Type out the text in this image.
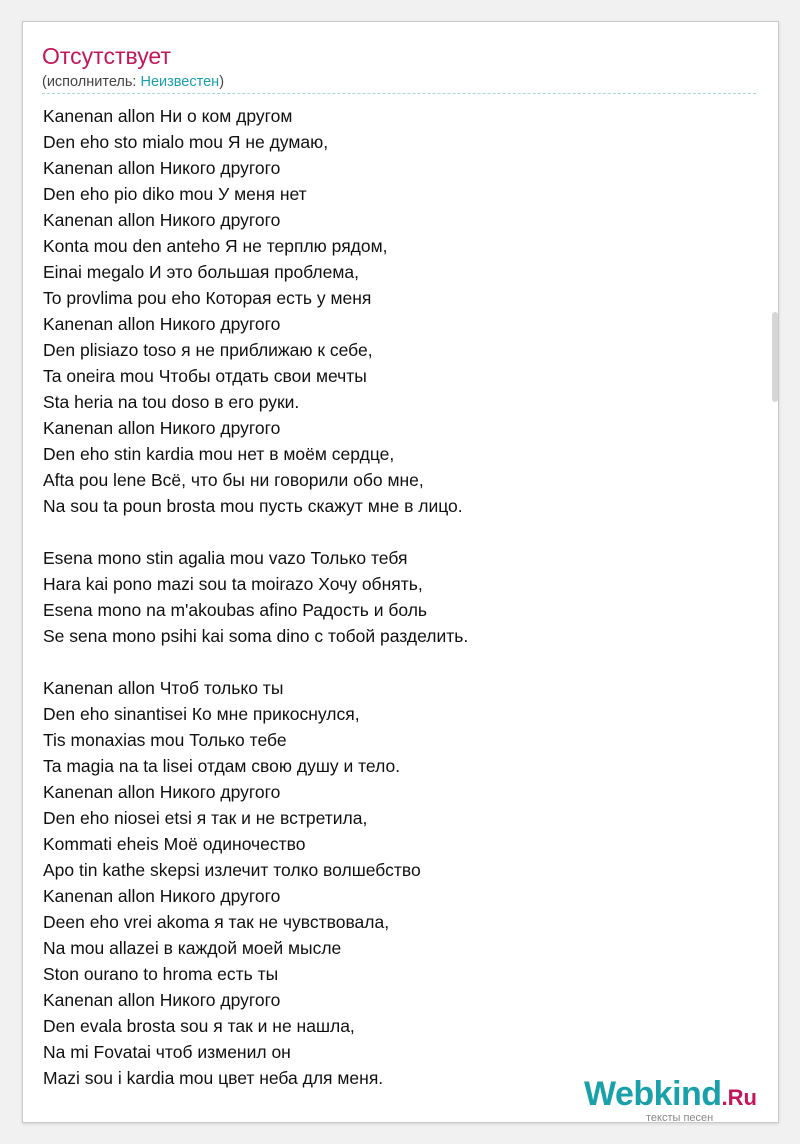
Отсутствует
(исполнитель: Неизвестен)
Kanenan allon Ни о ком другом
Den eho sto mialo mou Я не думаю,
Kanenan allon Никого другого
Den eho pio diko mou У меня нет
Kanenan allon Никого другого
Konta mou den anteho Я не терплю рядом,
Einai megalo И это большая проблема,
To provlima pou eho Которая есть у меня
Kanenan allon Никого другого
Den plisiazo toso я не приближаю к себе,
Ta oneira mou Чтобы отдать свои мечты
Sta heria na tou doso в его руки.
Kanenan allon Никого другого
Den eho stin kardia mou нет в моём сердце,
Afta pou lene Всё, что бы ни говорили обо мне,
Na sou ta poun brosta mou пусть скажут мне в лицо.
Esena mono stin agalia mou vazo Только тебя
Hara kai pono mazi sou ta moirazo Хочу обнять,
Esena mono na m'akoubas afino Радость и боль
Se sena mono psihi kai soma dino с тобой разделить.
Kanenan allon Чтоб только ты
Den eho sinantisei Ко мне прикоснулся,
Tis monaxias mou Только тебе
Ta magia na ta lisei отдам свою душу и тело.
Kanenan allon Никого другого
Den eho niosei etsi я так и не встретила,
Kommati eheis Моё одиночество
Apo tin kathe skepsi излечит толко волшебство
Kanenan allon Никого другого
Deen eho vrei akoma я так не чувствовала,
Na mou allazei в каждой моей мысле
Ston ourano to hroma есть ты
Kanenan allon Никого другого
Den evala brosta sou я так и не нашла,
Na mi Fovatai чтоб изменил он
Mazi sou i kardia mou цвет неба для меня.	Webkind.Ru
тексты песен
